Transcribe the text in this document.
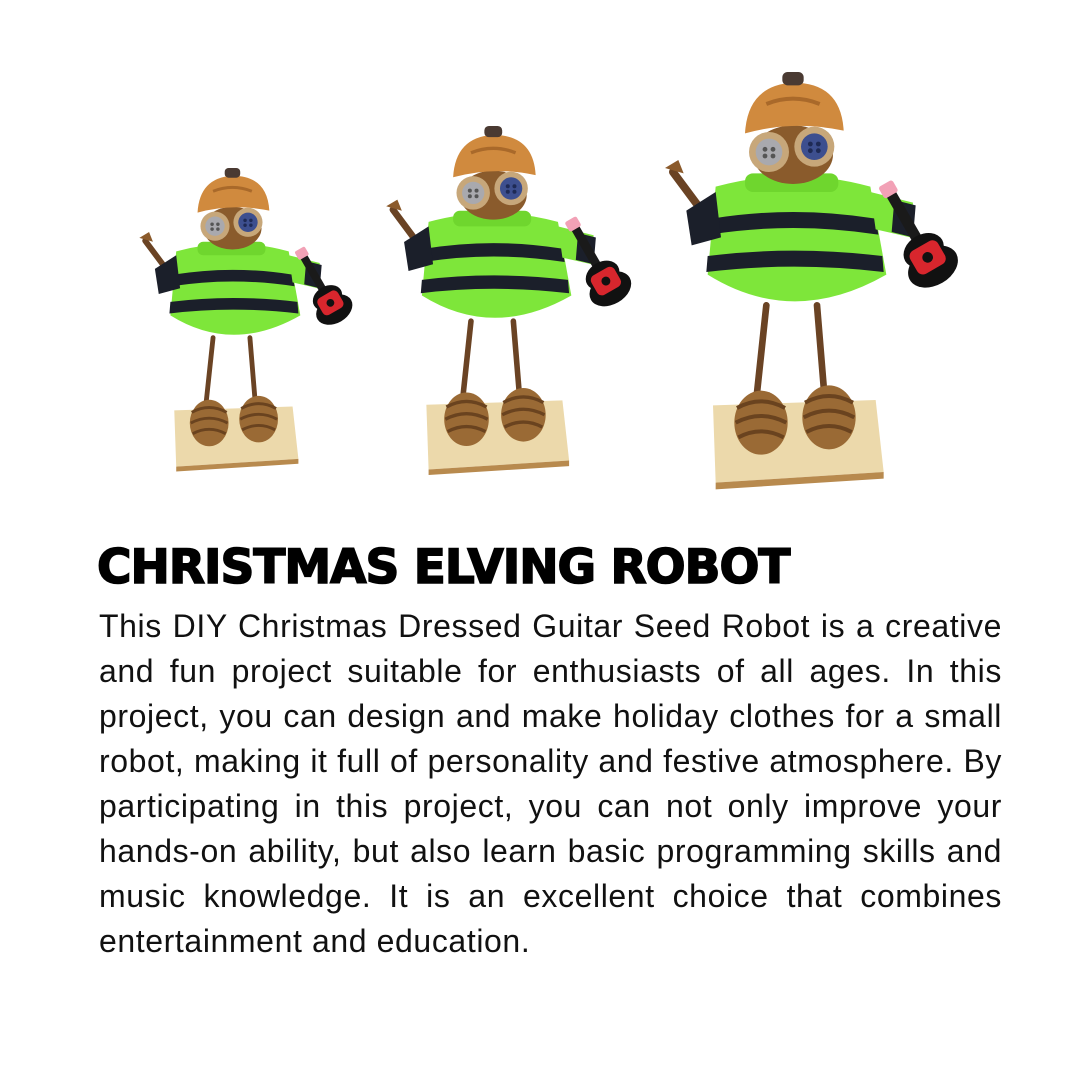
CHRISTMAS ELVING ROBOT

This DIY Christmas Dressed Guitar Seed Robot is a creative and fun project suitable for enthusiasts of all ages. In this project, you can design and make holiday clothes for a small robot, making it full of personality and festive atmosphere. By participating in this project, you can not only improve your hands-on ability, but also learn basic programming skills and music knowledge. It is an excellent choice that combines entertainment and education.
